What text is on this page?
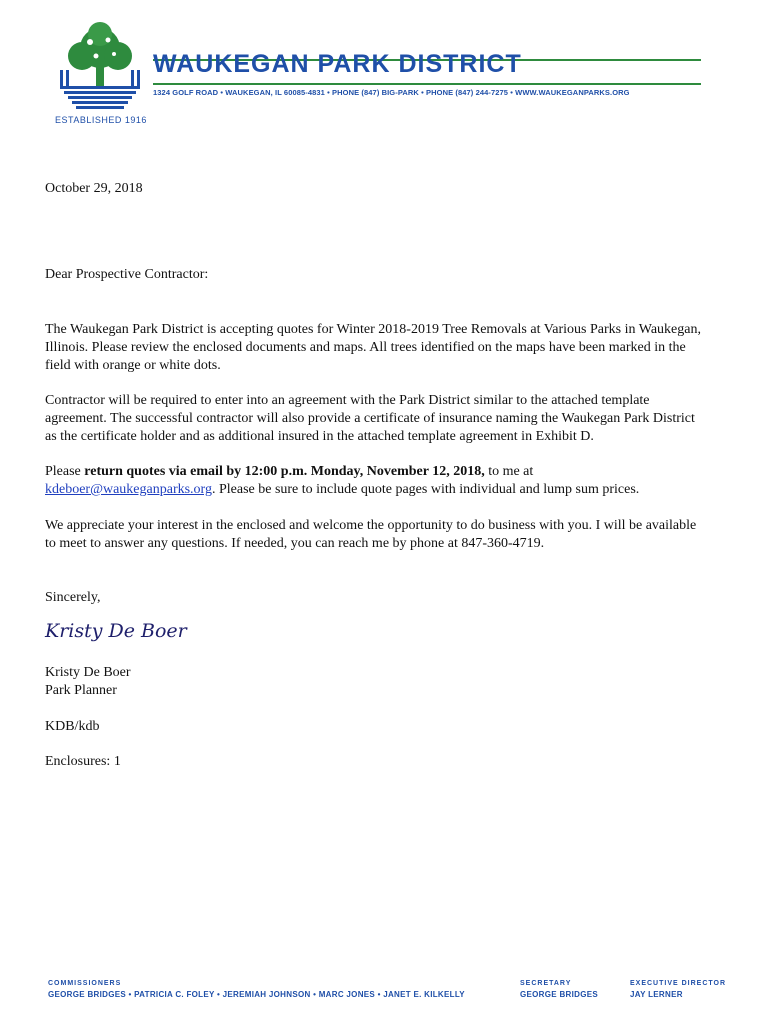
ESTABLISHED 1916
WAUKEGAN PARK DISTRICT
1324 GOLF ROAD • WAUKEGAN, IL 60085-4831 • PHONE (847) BIG-PARK • PHONE (847) 244-7275 • WWW.WAUKEGANPARKS.ORG

October 29, 2018

Dear Prospective Contractor:

The Waukegan Park District is accepting quotes for Winter 2018-2019 Tree Removals at Various Parks in Waukegan, Illinois. Please review the enclosed documents and maps. All trees identified on the maps have been marked in the field with orange or white dots.

Contractor will be required to enter into an agreement with the Park District similar to the attached template agreement. The successful contractor will also provide a certificate of insurance naming the Waukegan Park District as the certificate holder and as additional insured in the attached template agreement in Exhibit D.

Please return quotes via email by 12:00 p.m. Monday, November 12, 2018, to me at
kdeboer@waukeganparks.org. Please be sure to include quote pages with individual and lump sum prices.

We appreciate your interest in the enclosed and welcome the opportunity to do business with you. I will be available to meet to answer any questions. If needed, you can reach me by phone at 847-360-4719.

Sincerely,

Kristy De Boer

Kristy De Boer

Park Planner

KDB/kdb

Enclosures: 1

COMMISSIONERS
GEORGE BRIDGES • PATRICIA C. FOLEY • JEREMIAH JOHNSON • MARC JONES • JANET E. KILKELLY
SECRETARY
GEORGE BRIDGES
EXECUTIVE DIRECTOR
JAY LERNER
